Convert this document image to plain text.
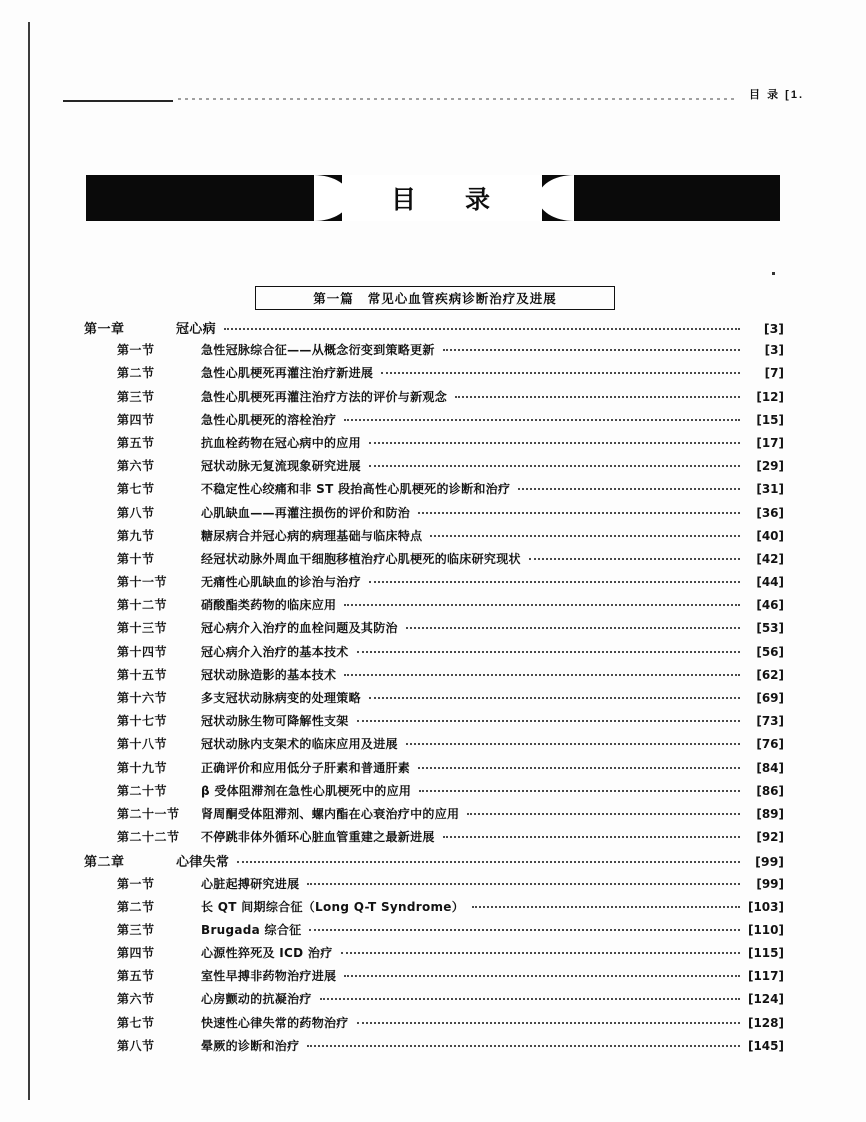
目 录 [1.
目 录
第一篇 常见心血管疾病诊断治疗及进展
第一章	冠心病	[3]
第一节	急性冠脉综合征——从概念衍变到策略更新	[3]
第二节	急性心肌梗死再灌注治疗新进展	[7]
第三节	急性心肌梗死再灌注治疗方法的评价与新观念	[12]
第四节	急性心肌梗死的溶栓治疗	[15]
第五节	抗血栓药物在冠心病中的应用	[17]
第六节	冠状动脉无复流现象研究进展	[29]
第七节	不稳定性心绞痛和非 ST 段抬高性心肌梗死的诊断和治疗	[31]
第八节	心肌缺血——再灌注损伤的评价和防治	[36]
第九节	糖尿病合并冠心病的病理基础与临床特点	[40]
第十节	经冠状动脉外周血干细胞移植治疗心肌梗死的临床研究现状	[42]
第十一节	无痛性心肌缺血的诊治与治疗	[44]
第十二节	硝酸酯类药物的临床应用	[46]
第十三节	冠心病介入治疗的血栓问题及其防治	[53]
第十四节	冠心病介入治疗的基本技术	[56]
第十五节	冠状动脉造影的基本技术	[62]
第十六节	多支冠状动脉病变的处理策略	[69]
第十七节	冠状动脉生物可降解性支架	[73]
第十八节	冠状动脉内支架术的临床应用及进展	[76]
第十九节	正确评价和应用低分子肝素和普通肝素	[84]
第二十节	β 受体阻滞剂在急性心肌梗死中的应用	[86]
第二十一节	肾周酮受体阻滞剂、螺内酯在心衰治疗中的应用	[89]
第二十二节	不停跳非体外循环心脏血管重建之最新进展	[92]
第二章	心律失常	[99]
第一节	心脏起搏研究进展	[99]
第二节	长 QT 间期综合征（Long Q-T Syndrome）	[103]
第三节	Brugada 综合征	[110]
第四节	心源性猝死及 ICD 治疗	[115]
第五节	室性早搏非药物治疗进展	[117]
第六节	心房颤动的抗凝治疗	[124]
第七节	快速性心律失常的药物治疗	[128]
第八节	晕厥的诊断和治疗	[145]
